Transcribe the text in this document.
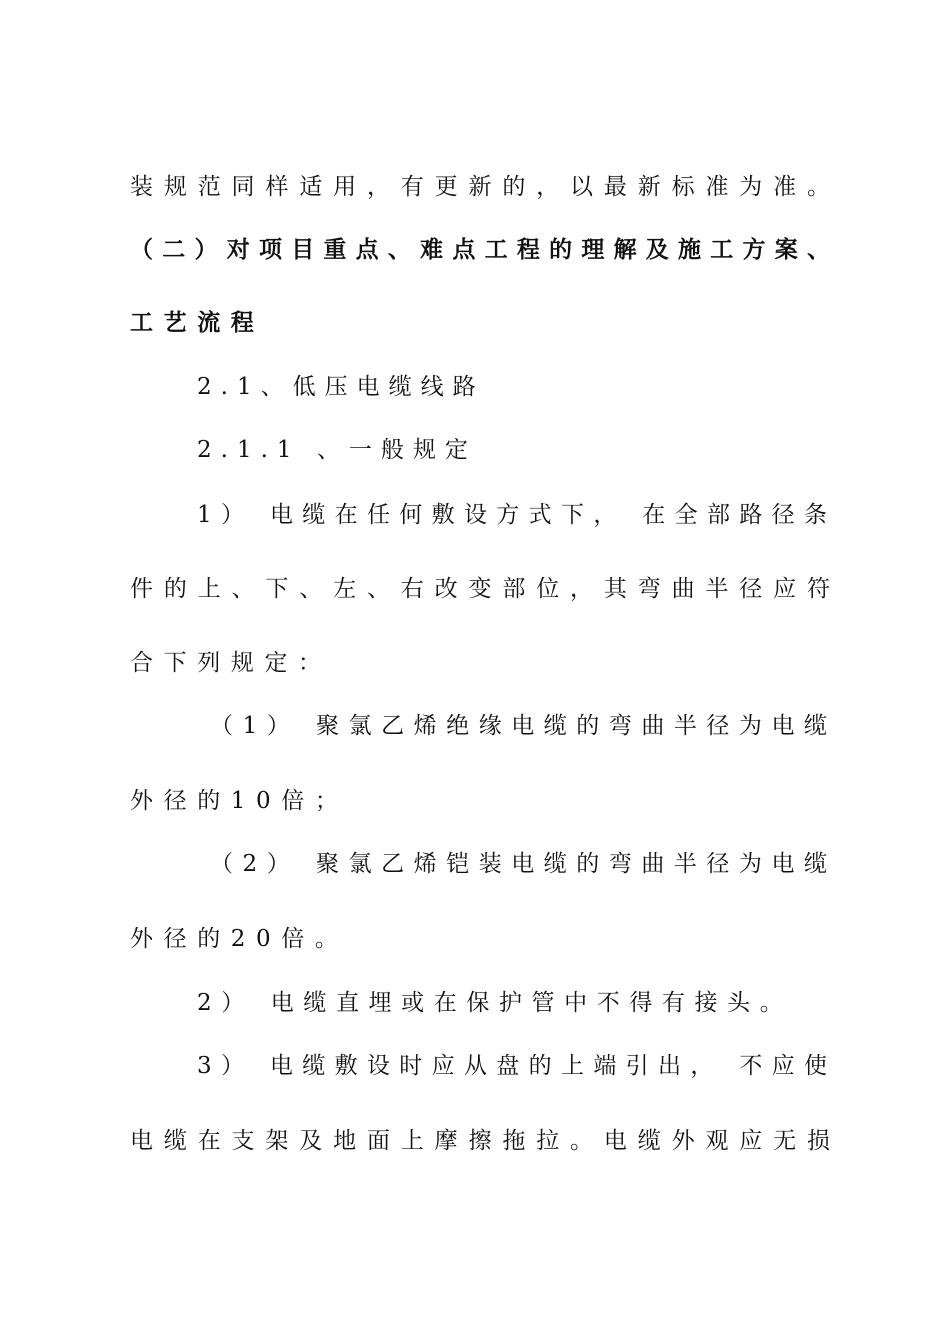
装规范同样适用，有更新的，以最新标准为准。

（二）对项目重点、难点工程的理解及施工方案、

工艺流程

2.1、低压电缆线路

2.1.1 、一般规定

1） 电缆在任何敷设方式下， 在全部路径条

件的上、下、左、右改变部位，其弯曲半径应符

合下列规定：

（1） 聚氯乙烯绝缘电缆的弯曲半径为电缆

外径的10倍；

（2） 聚氯乙烯铠装电缆的弯曲半径为电缆

外径的20倍。

2） 电缆直埋或在保护管中不得有接头。

3） 电缆敷设时应从盘的上端引出， 不应使

电缆在支架及地面上摩擦拖拉。电缆外观应无损
